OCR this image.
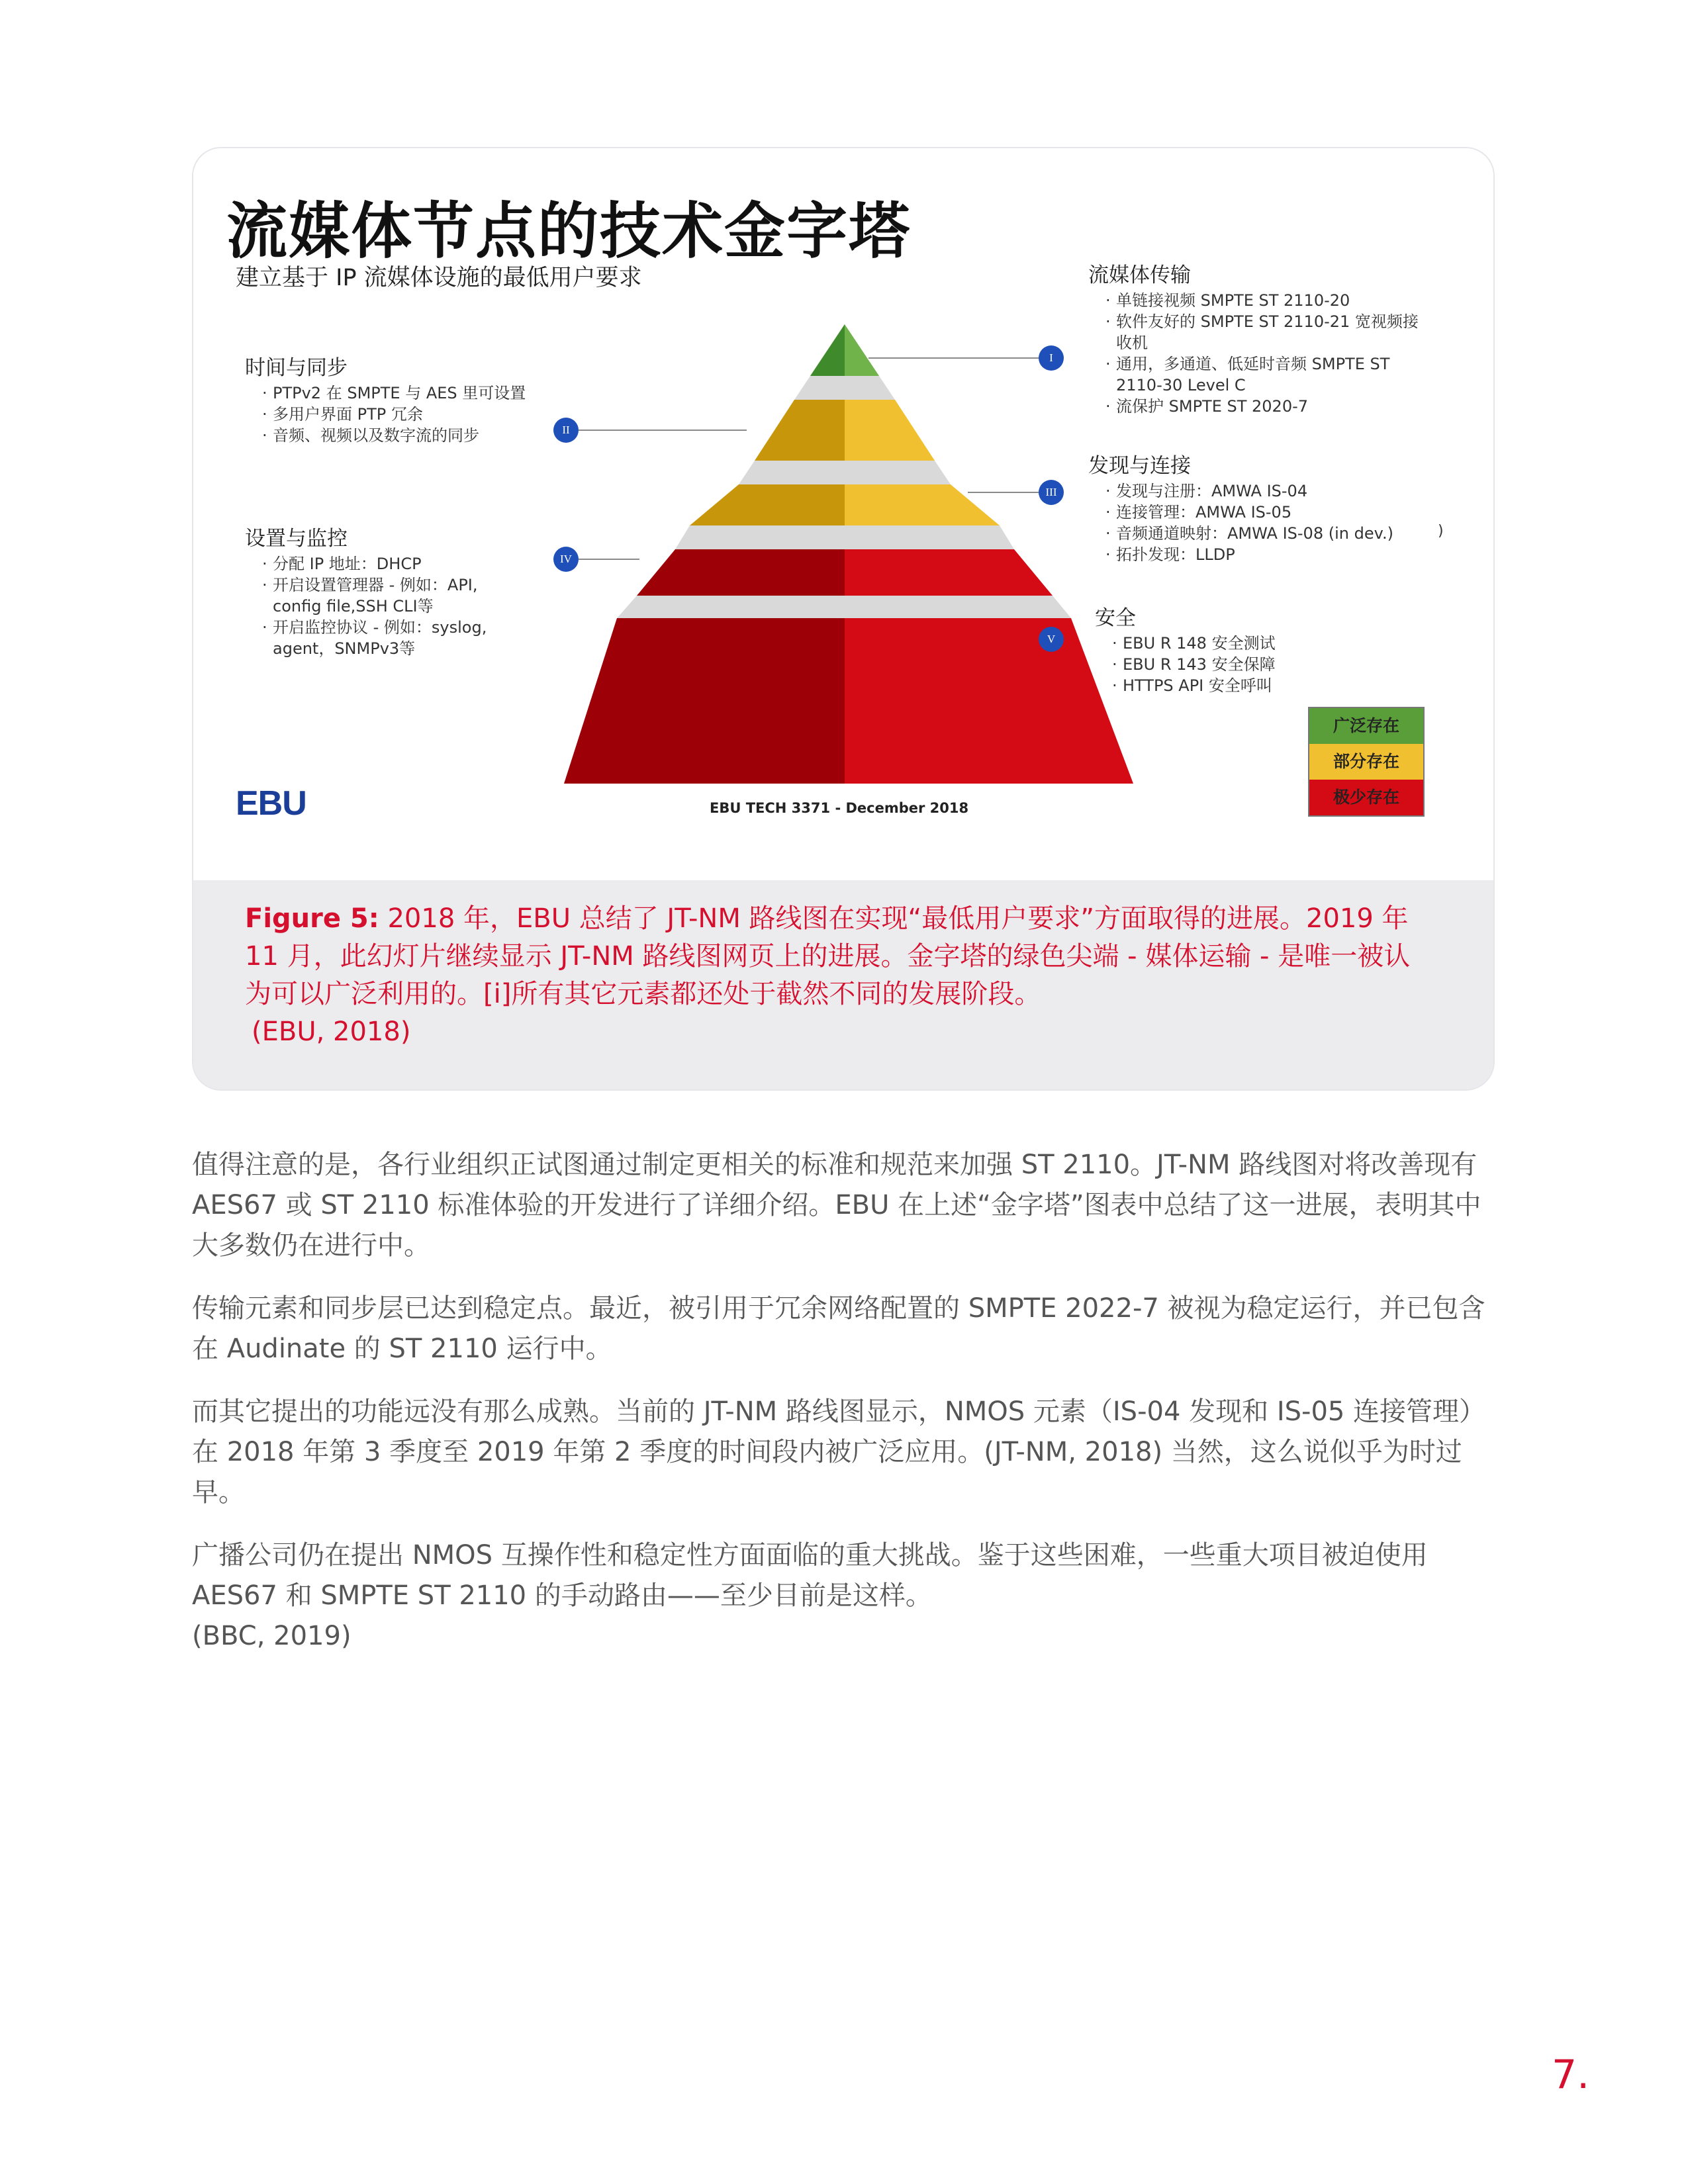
流媒体节点的技术金字塔
建立基于 IP 流媒体设施的最低用户要求
I
II
III
IV
V
时间与同步
· PTPv2 在 SMPTE 与 AES 里可设置
· 多用户界面 PTP 冗余
· 音频、视频以及数字流的同步
设置与监控
· 分配 IP 地址：DHCP
· 开启设置管理器 - 例如：API, config file,SSH CLI等
· 开启监控协议 - 例如：syslog, agent，SNMPv3等
流媒体传输
· 单链接视频 SMPTE ST 2110-20
· 软件友好的 SMPTE ST 2110-21 宽视频接收机
· 通用，多通道、低延时音频 SMPTE ST 2110-30 Level C
· 流保护 SMPTE ST 2020-7
发现与连接
· 发现与注册：AMWA IS-04
· 连接管理：AMWA IS-05
· 音频通道映射：AMWA IS-08 (in dev.)
· 拓扑发现：LLDP
)
安全
· EBU R 148 安全测试
· EBU R 143 安全保障
· HTTPS API 安全呼叫
广泛存在
部分存在
极少存在
EBU	EBU TECH 3371 - December 2018
Figure 5: 2018 年，EBU 总结了 JT-NM 路线图在实现“最低用户要求”方面取得的进展。2019 年 11 月，此幻灯片继续显示 JT-NM 路线图网页上的进展。金字塔的绿色尖端 - 媒体运输 - 是唯一被认为可以广泛利用的。[i]所有其它元素都还处于截然不同的发展阶段。
(EBU, 2018)

值得注意的是，各行业组织正试图通过制定更相关的标准和规范来加强 ST 2110。JT-NM 路线图对将改善现有 AES67 或 ST 2110 标准体验的开发进行了详细介绍。EBU 在上述“金字塔”图表中总结了这一进展，表明其中大多数仍在进行中。

传输元素和同步层已达到稳定点。最近，被引用于冗余网络配置的 SMPTE 2022-7 被视为稳定运行，并已包含在 Audinate 的 ST 2110 运行中。

而其它提出的功能远没有那么成熟。当前的 JT-NM 路线图显示，NMOS 元素（IS-04 发现和 IS-05 连接管理）在 2018 年第 3 季度至 2019 年第 2 季度的时间段内被广泛应用。(JT-NM, 2018) 当然，这么说似乎为时过早。

广播公司仍在提出 NMOS 互操作性和稳定性方面面临的重大挑战。鉴于这些困难，一些重大项目被迫使用 AES67 和 SMPTE ST 2110 的手动路由——至少目前是这样。

(BBC, 2019)
7.
